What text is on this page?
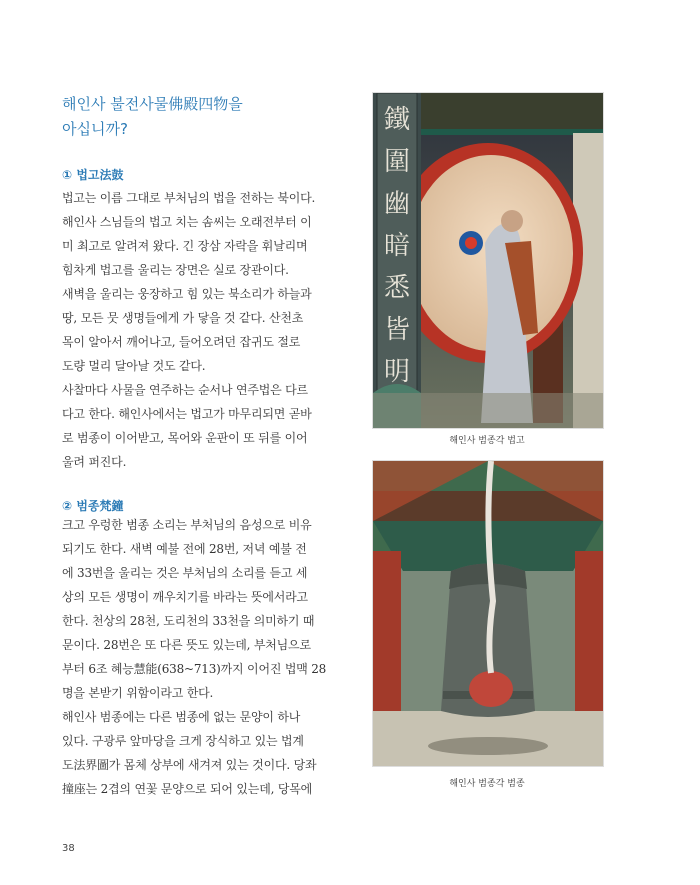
해인사 불전사물佛殿四物을
아십니까?
① 법고法鼓

법고는 이름 그대로 부처님의 법을 전하는 북이다.

해인사 스님들의 법고 치는 솜씨는 오래전부터 이

미 최고로 알려져 왔다. 긴 장삼 자락을 휘날리며

힘차게 법고를 울리는 장면은 실로 장관이다.

새벽을 울리는 웅장하고 힘 있는 북소리가 하늘과

땅, 모든 뭇 생명들에게 가 닿을 것 같다. 산천초

목이 알아서 깨어나고, 들어오려던 잡귀도 절로

도량 멀리 달아날 것도 같다.

사찰마다 사물을 연주하는 순서나 연주법은 다르

다고 한다. 해인사에서는 법고가 마무리되면 곧바

로 범종이 이어받고, 목어와 운판이 또 뒤를 이어

울려 퍼진다.

② 범종梵鐘

크고 우렁한 범종 소리는 부처님의 음성으로 비유

되기도 한다. 새벽 예불 전에 28번, 저녁 예불 전

에 33번을 울리는 것은 부처님의 소리를 듣고 세

상의 모든 생명이 깨우치기를 바라는 뜻에서라고

한다. 천상의 28천, 도리천의 33천을 의미하기 때

문이다. 28번은 또 다른 뜻도 있는데, 부처님으로

부터 6조 혜능慧能(638~713)까지 이어진 법맥 28

명을 본받기 위함이라고 한다.

해인사 범종에는 다른 범종에 없는 문양이 하나

있다. 구광루 앞마당을 크게 장식하고 있는 법계

도法界圖가 몸체 상부에 새겨져 있는 것이다. 당좌

撞座는 2겹의 연꽃 문양으로 되어 있는데, 당목에

鐵圍幽暗悉皆明
해인사 범종각 법고
해인사 범종각 범종
38
